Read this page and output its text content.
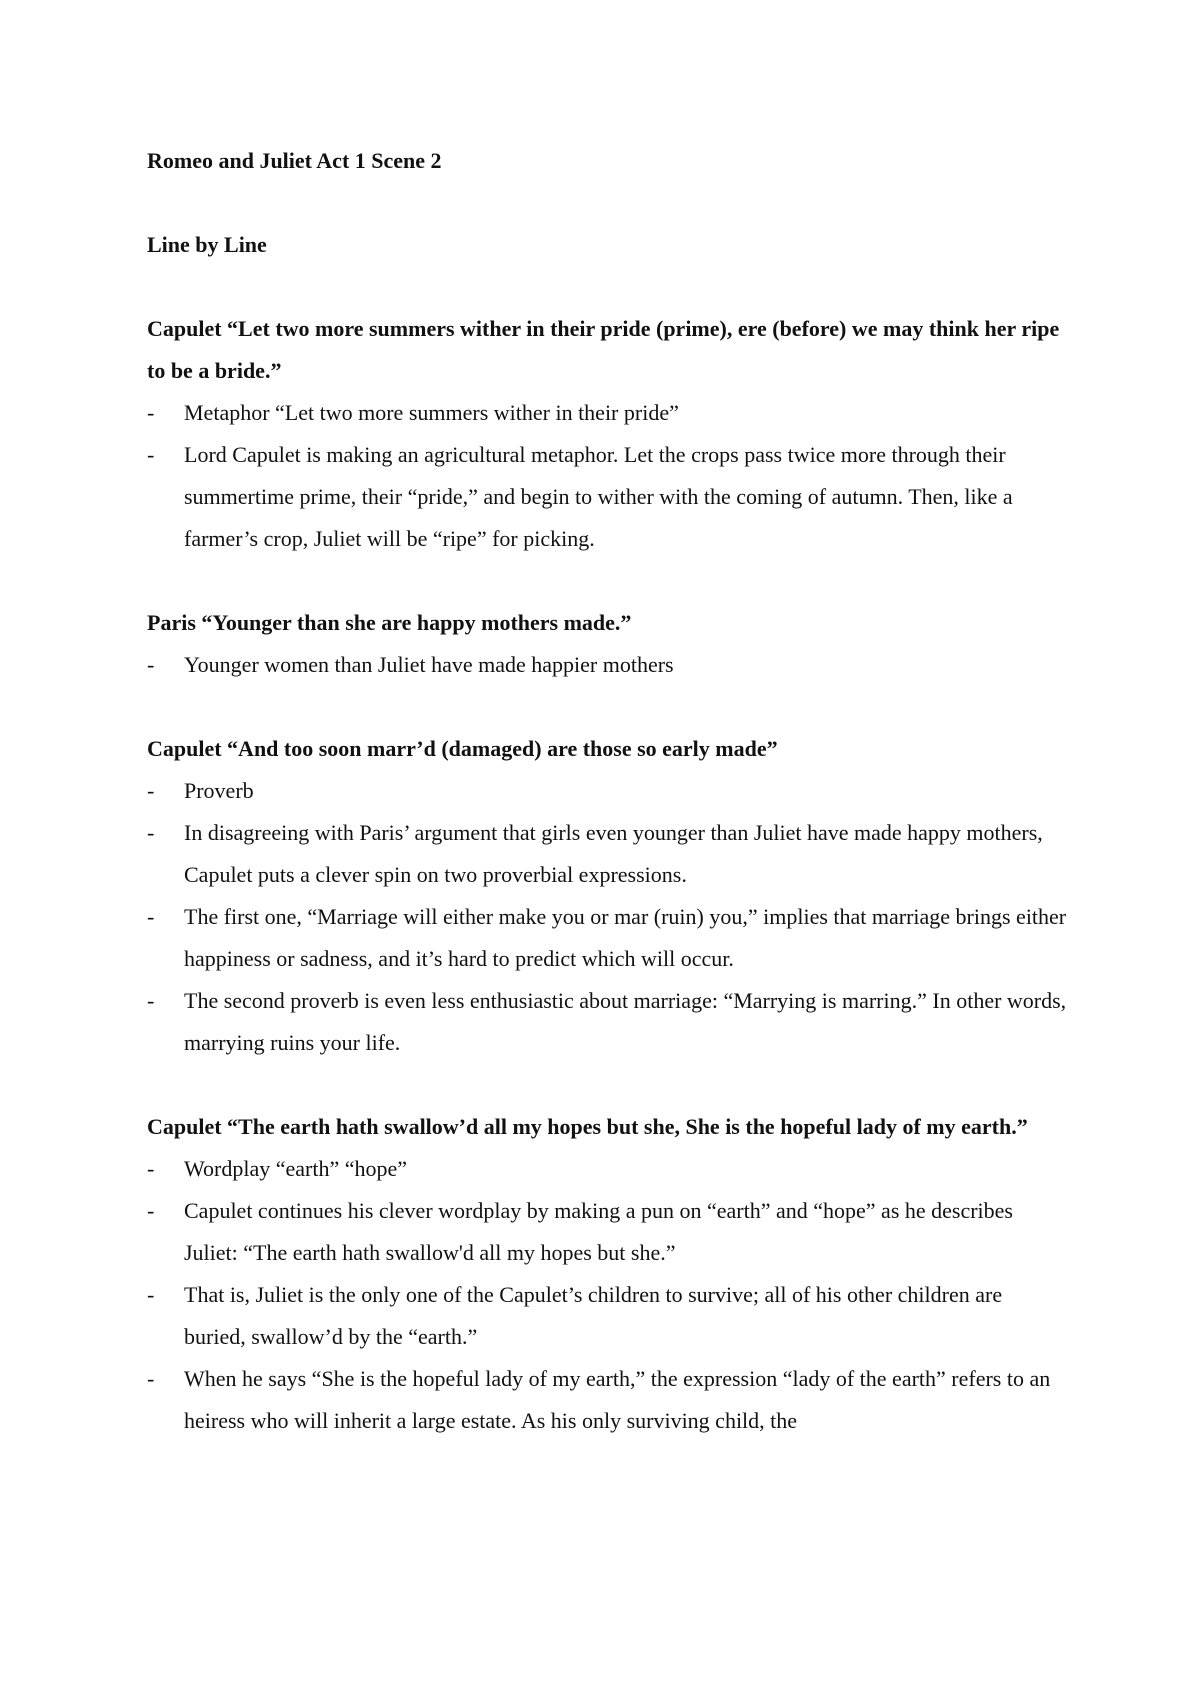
Romeo and Juliet Act 1 Scene 2

Line by Line

Capulet “Let two more summers wither in their pride (prime), ere (before) we may think her ripe to be a bride.”

- Metaphor “Let two more summers wither in their pride”
- Lord Capulet is making an agricultural metaphor. Let the crops pass twice more through their summertime prime, their “pride,” and begin to wither with the coming of autumn. Then, like a farmer’s crop, Juliet will be “ripe” for picking.

Paris “Younger than she are happy mothers made.”

- Younger women than Juliet have made happier mothers

Capulet “And too soon marr’d (damaged) are those so early made”

- Proverb
- In disagreeing with Paris’ argument that girls even younger than Juliet have made happy mothers, Capulet puts a clever spin on two proverbial expressions.
- The first one, “Marriage will either make you or mar (ruin) you,” implies that marriage brings either happiness or sadness, and it’s hard to predict which will occur.
- The second proverb is even less enthusiastic about marriage: “Marrying is marring.” In other words, marrying ruins your life.

Capulet “The earth hath swallow’d all my hopes but she, She is the hopeful lady of my earth.”

- Wordplay “earth” “hope”
- Capulet continues his clever wordplay by making a pun on “earth” and “hope” as he describes Juliet: “The earth hath swallow'd all my hopes but she.”
- That is, Juliet is the only one of the Capulet’s children to survive; all of his other children are buried, swallow’d by the “earth.”
- When he says “She is the hopeful lady of my earth,” the expression “lady of the earth” refers to an heiress who will inherit a large estate. As his only surviving child, the
